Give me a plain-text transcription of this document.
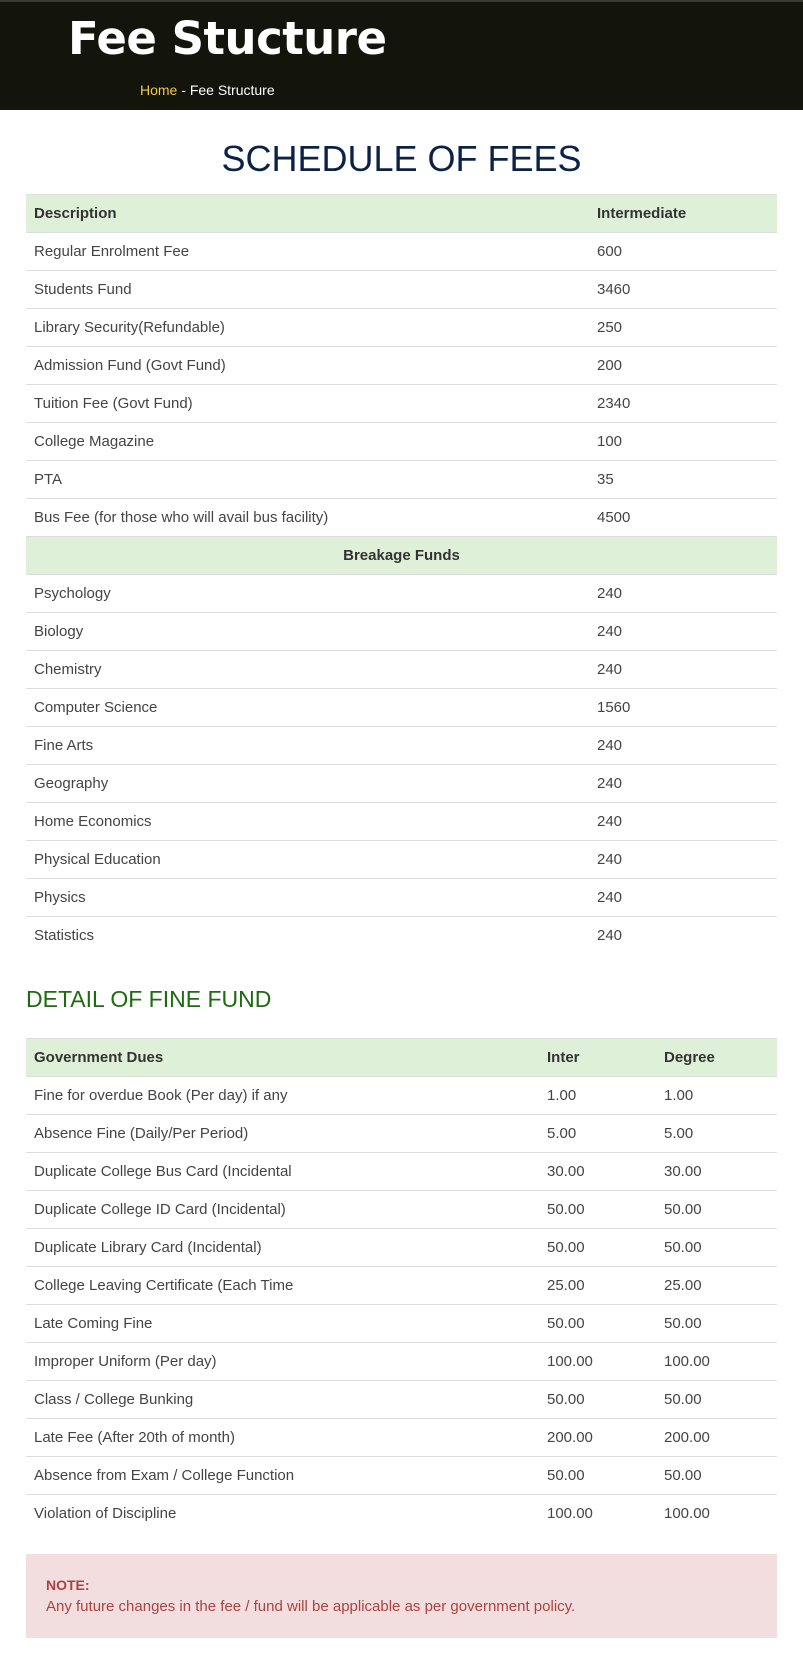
Fee Stucture
Home - Fee Structure
SCHEDULE OF FEES
Description	Intermediate
Regular Enrolment Fee	600
Students Fund	3460
Library Security(Refundable)	250
Admission Fund (Govt Fund)	200
Tuition Fee (Govt Fund)	2340
College Magazine	100
PTA	35
Bus Fee (for those who will avail bus facility)	4500
Breakage Funds	
Psychology	240
Biology	240
Chemistry	240
Computer Science	1560
Fine Arts	240
Geography	240
Home Economics	240
Physical Education	240
Physics	240
Statistics	240
DETAIL OF FINE FUND
Government Dues	Inter	Degree
Fine for overdue Book (Per day) if any	1.00	1.00
Absence Fine (Daily/Per Period)	5.00	5.00
Duplicate College Bus Card (Incidental	30.00	30.00
Duplicate College ID Card (Incidental)	50.00	50.00
Duplicate Library Card (Incidental)	50.00	50.00
College Leaving Certificate (Each Time	25.00	25.00
Late Coming Fine	50.00	50.00
Improper Uniform (Per day)	100.00	100.00
Class / College Bunking	50.00	50.00
Late Fee (After 20th of month)	200.00	200.00
Absence from Exam / College Function	50.00	50.00
Violation of Discipline	100.00	100.00
NOTE:
Any future changes in the fee / fund will be applicable as per government policy.
